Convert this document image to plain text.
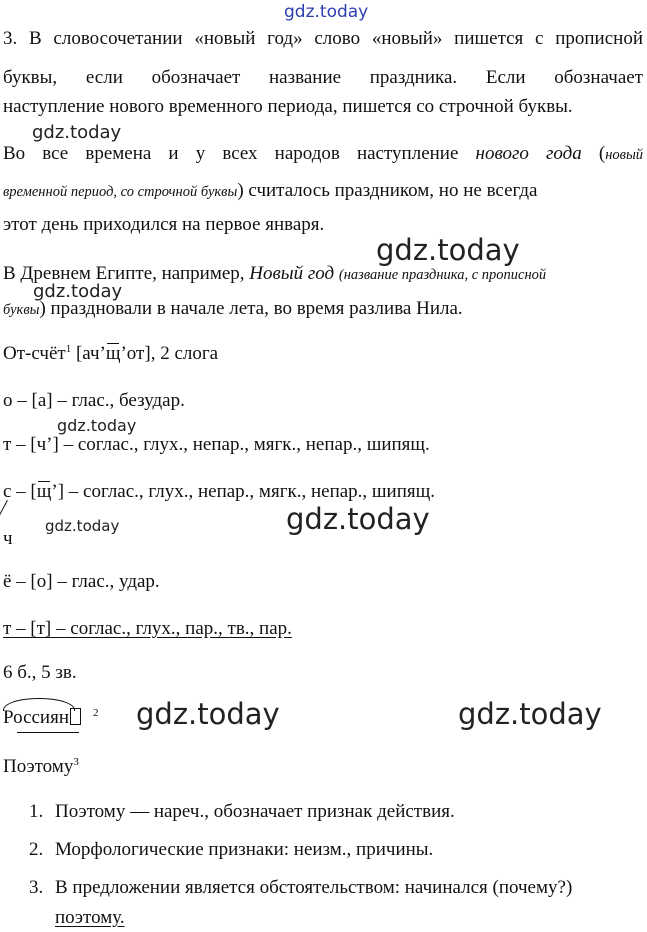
gdz.today
gdz.today
gdz.today
gdz.today
gdz.today
gdz.today	gdz.today
gdz.today	gdz.today
3. В словосочетании «новый год» слово «новый» пишется с прописной
буквы, если обозначает название праздника. Если обозначает
наступление нового временного периода, пишется со строчной буквы.
Во все времена и у всех народов наступление нового года (новый
временной период, со строчной буквы) считалось праздником, но не всегда
этот день приходился на первое января.
В Древнем Египте, например, Новый год (название праздника, с прописной
буквы) праздновали в начале лета, во время разлива Нила.
От-счёт$^1$ [ач’щ’от], 2 слога
о – [а] – глас., безудар.
т – [ч’] – соглас., глух., непар., мягк., непар., шипящ.
с – [щ’] – соглас., глух., непар., мягк., непар., шипящ.
ч
ё – [о] – глас., удар.
т – [т] – соглас., глух., пар., тв., пар.
6 б., 5 зв.
Россиян $^2$
Поэтому$^3$
1. Поэтому — нареч., обозначает признак действия.
2. Морфологические признаки: неизм., причины.
3. В предложении является обстоятельством: начинался (почему?)
поэтому.
